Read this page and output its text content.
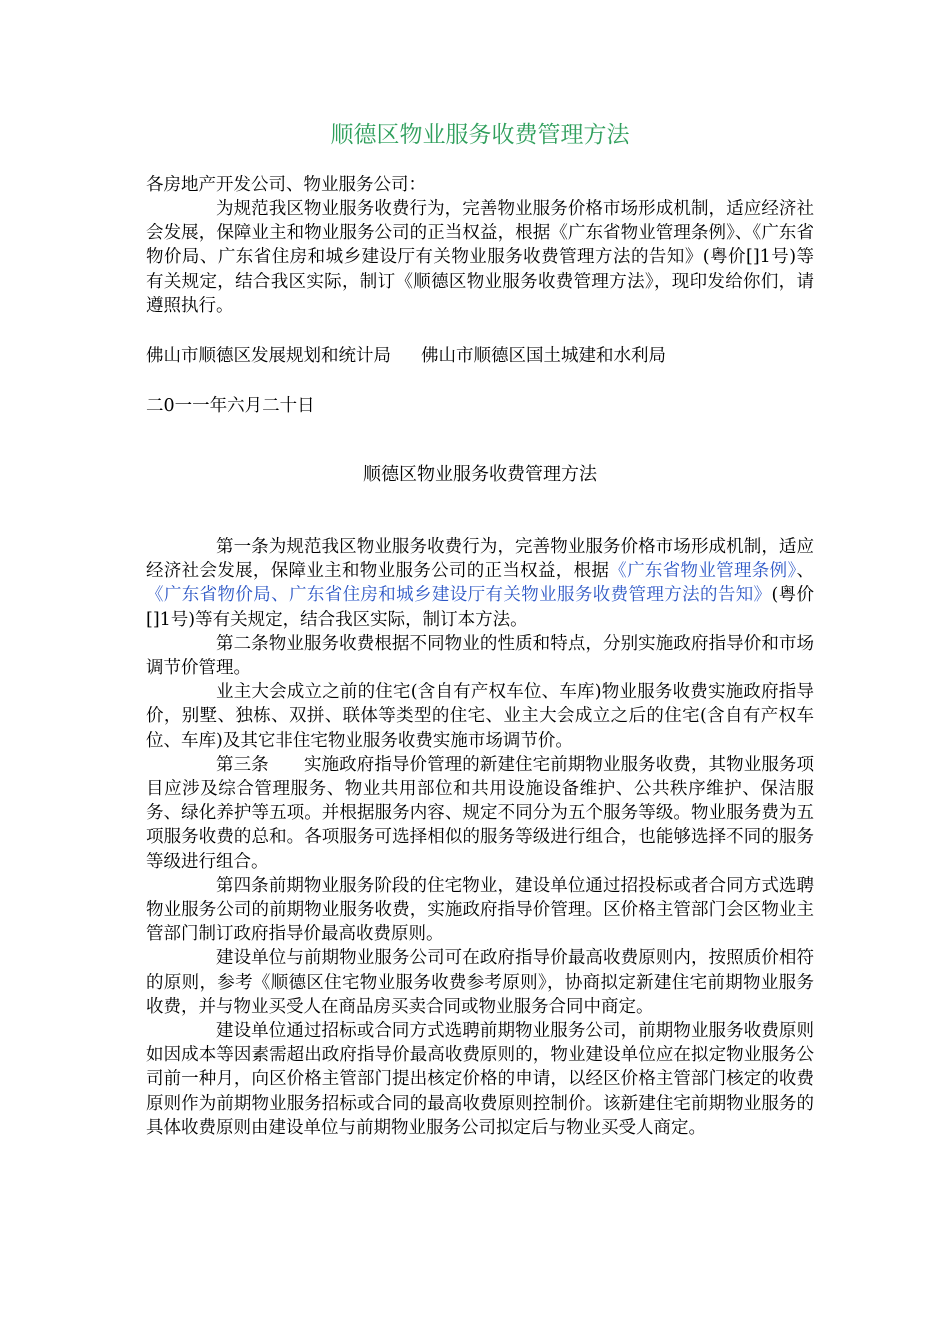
顺德区物业服务收费管理方法

各房地产开发公司、物业服务公司：

为规范我区物业服务收费行为，完善物业服务价格市场形成机制，适应经济社会发展，保障业主和物业服务公司的正当权益，根据《广东省物业管理条例》、《广东省物价局、广东省住房和城乡建设厅有关物业服务收费管理方法的告知》(粤价[]1号)等有关规定，结合我区实际，制订《顺德区物业服务收费管理方法》，现印发给你们，请遵照执行。

佛山市顺德区发展规划和统计局 佛山市顺德区国土城建和水利局

二0一一年六月二十日

顺德区物业服务收费管理方法

第一条为规范我区物业服务收费行为，完善物业服务价格市场形成机制，适应经济社会发展，保障业主和物业服务公司的正当权益，根据《广东省物业管理条例》、《广东省物价局、广东省住房和城乡建设厅有关物业服务收费管理方法的告知》(粤价[]1号)等有关规定，结合我区实际，制订本方法。

第二条物业服务收费根据不同物业的性质和特点，分别实施政府指导价和市场调节价管理。

业主大会成立之前的住宅(含自有产权车位、车库)物业服务收费实施政府指导价，别墅、独栋、双拼、联体等类型的住宅、业主大会成立之后的住宅(含自有产权车位、车库)及其它非住宅物业服务收费实施市场调节价。

第三条　　实施政府指导价管理的新建住宅前期物业服务收费，其物业服务项目应涉及综合管理服务、物业共用部位和共用设施设备维护、公共秩序维护、保洁服务、绿化养护等五项。并根据服务内容、规定不同分为五个服务等级。物业服务费为五项服务收费的总和。各项服务可选择相似的服务等级进行组合，也能够选择不同的服务等级进行组合。

第四条前期物业服务阶段的住宅物业，建设单位通过招投标或者合同方式选聘物业服务公司的前期物业服务收费，实施政府指导价管理。区价格主管部门会区物业主管部门制订政府指导价最高收费原则。

建设单位与前期物业服务公司可在政府指导价最高收费原则内，按照质价相符的原则，参考《顺德区住宅物业服务收费参考原则》，协商拟定新建住宅前期物业服务收费，并与物业买受人在商品房买卖合同或物业服务合同中商定。

建设单位通过招标或合同方式选聘前期物业服务公司，前期物业服务收费原则如因成本等因素需超出政府指导价最高收费原则的，物业建设单位应在拟定物业服务公司前一种月，向区价格主管部门提出核定价格的申请，以经区价格主管部门核定的收费原则作为前期物业服务招标或合同的最高收费原则控制价。该新建住宅前期物业服务的具体收费原则由建设单位与前期物业服务公司拟定后与物业买受人商定。
